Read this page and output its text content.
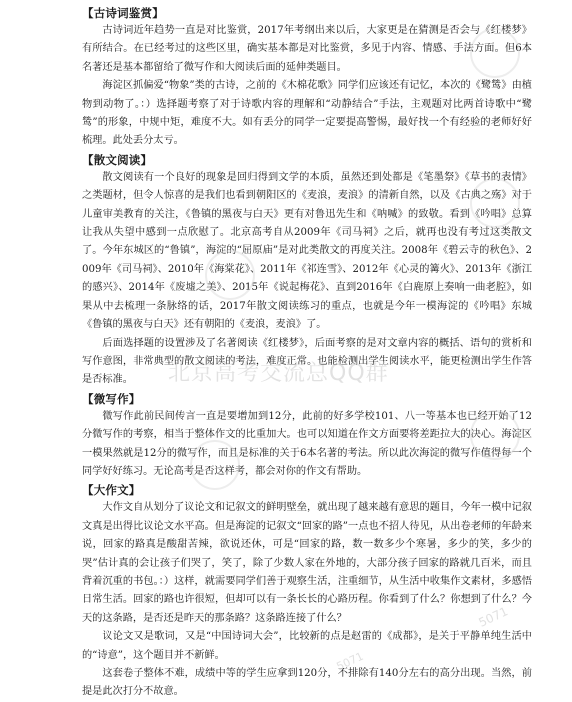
【古诗词鉴赏】

古诗词近年趋势一直是对比鉴赏，2017年考纲出来以后，大家更是在猜测是否会与《红楼梦》有所结合。在已经考过的这些区里，确实基本都是对比鉴赏，多见于内容、情感、手法方面。但6本名著还是基本都留给了微写作和大阅读后面的延伸类题目。

海淀区抓偏爱“物象”类的古诗，之前的《木棉花歌》同学们应该还有记忆，本次的《鹭鸶》由植物到动物了。：）选择题考察了对于诗歌内容的理解和“动静结合”手法，主观题对比两首诗歌中“鹭鸶”的形象，中规中矩，难度不大。如有丢分的同学一定要提高警惕，最好找一个有经验的老师好好梳理。此处丢分太亏。

【散文阅读】

散文阅读有一个良好的现象是回归得到文学的本质，虽然还到处都是《笔墨祭》《草书的表情》之类题材，但令人惊喜的是我们也看到朝阳区的《麦浪，麦浪》的清新自然，以及《古典之殇》对于儿童审美教育的关注，《鲁镇的黑夜与白天》更有对鲁迅先生和《呐喊》的致敬。看到《吟唱》总算让我从失望中感到一点欣慰了。北京高考自从2009年《司马祠》之后，就再也没有考过这类散文了。今年东城区的“鲁镇”，海淀的“屈原庙”是对此类散文的再度关注。2008年《碧云寺的秋色》、2009年《司马祠》、2010年《海棠花》、2011年《祁连雪》、2012年《心灵的篝火》、2013年《浙江的感兴》、2014年《废墟之美》、2015年《说起梅花》、直到2016年《白鹿原上奏响一曲老腔》，如果从中去梳理一条脉络的话，2017年散文阅读练习的重点，也就是今年一模海淀的《吟唱》东城《鲁镇的黑夜与白天》还有朝阳的《麦浪，麦浪》了。

后面选择题的设置涉及了名著阅读《红楼梦》，后面考察的是对文章内容的概括、语句的赏析和写作意图，非常典型的散文阅读的考法，难度正常。也能检测出学生阅读水平，能更检测出学生作答是否标准。

【微写作】

微写作此前民间传言一直是要增加到12分，此前的好多学校101、八一等基本也已经开始了12分微写作的考察，相当于整体作文的比重加大。也可以知道在作文方面要将差距拉大的决心。海淀区一模果然就是12分的微写作，而且是标准的关于6本名著的考法。所以此次海淀的微写作值得每一个同学好好练习。无论高考是否这样考，都会对你的作文有帮助。

【大作文】

大作文自从划分了议论文和记叙文的鲜明壁垒，就出现了越来越有意思的题目，今年一模中记叙文真是出得比议论文水平高。但是海淀的记叙文“回家的路”一点也不招人待见，从出卷老师的年龄来说，回家的路真是酸甜苦辣，欲说还休，可是“回家的路，数一数多少个寒暑，多少的笑，多少的哭”估计真的会让孩子们哭了，笑了，除了少数人家在外地的，大部分孩子回家的路就几百米，而且背着沉重的书包。：）这样，就需要同学们善于观察生活，注重细节，从生活中收集作文素材，多感悟日常生活。回家的路也许很短，但却可以有一条长长的心路历程。你看到了什么？你想到了什么？今天的这条路，是否还是昨天的那条路？这条路连接了什么？

议论文又是歌词，又是“中国诗词大会”，比较新的点是赵雷的《成都》，是关于平静单纯生活中的“诗意”，这个题目并不新鲜。

这套卷子整体不难，成绩中等的学生应拿到120分，不排除有140分左右的高分出现。当然，前提是此次打分不故意。

北京高考交流总QQ群
5071
5071
